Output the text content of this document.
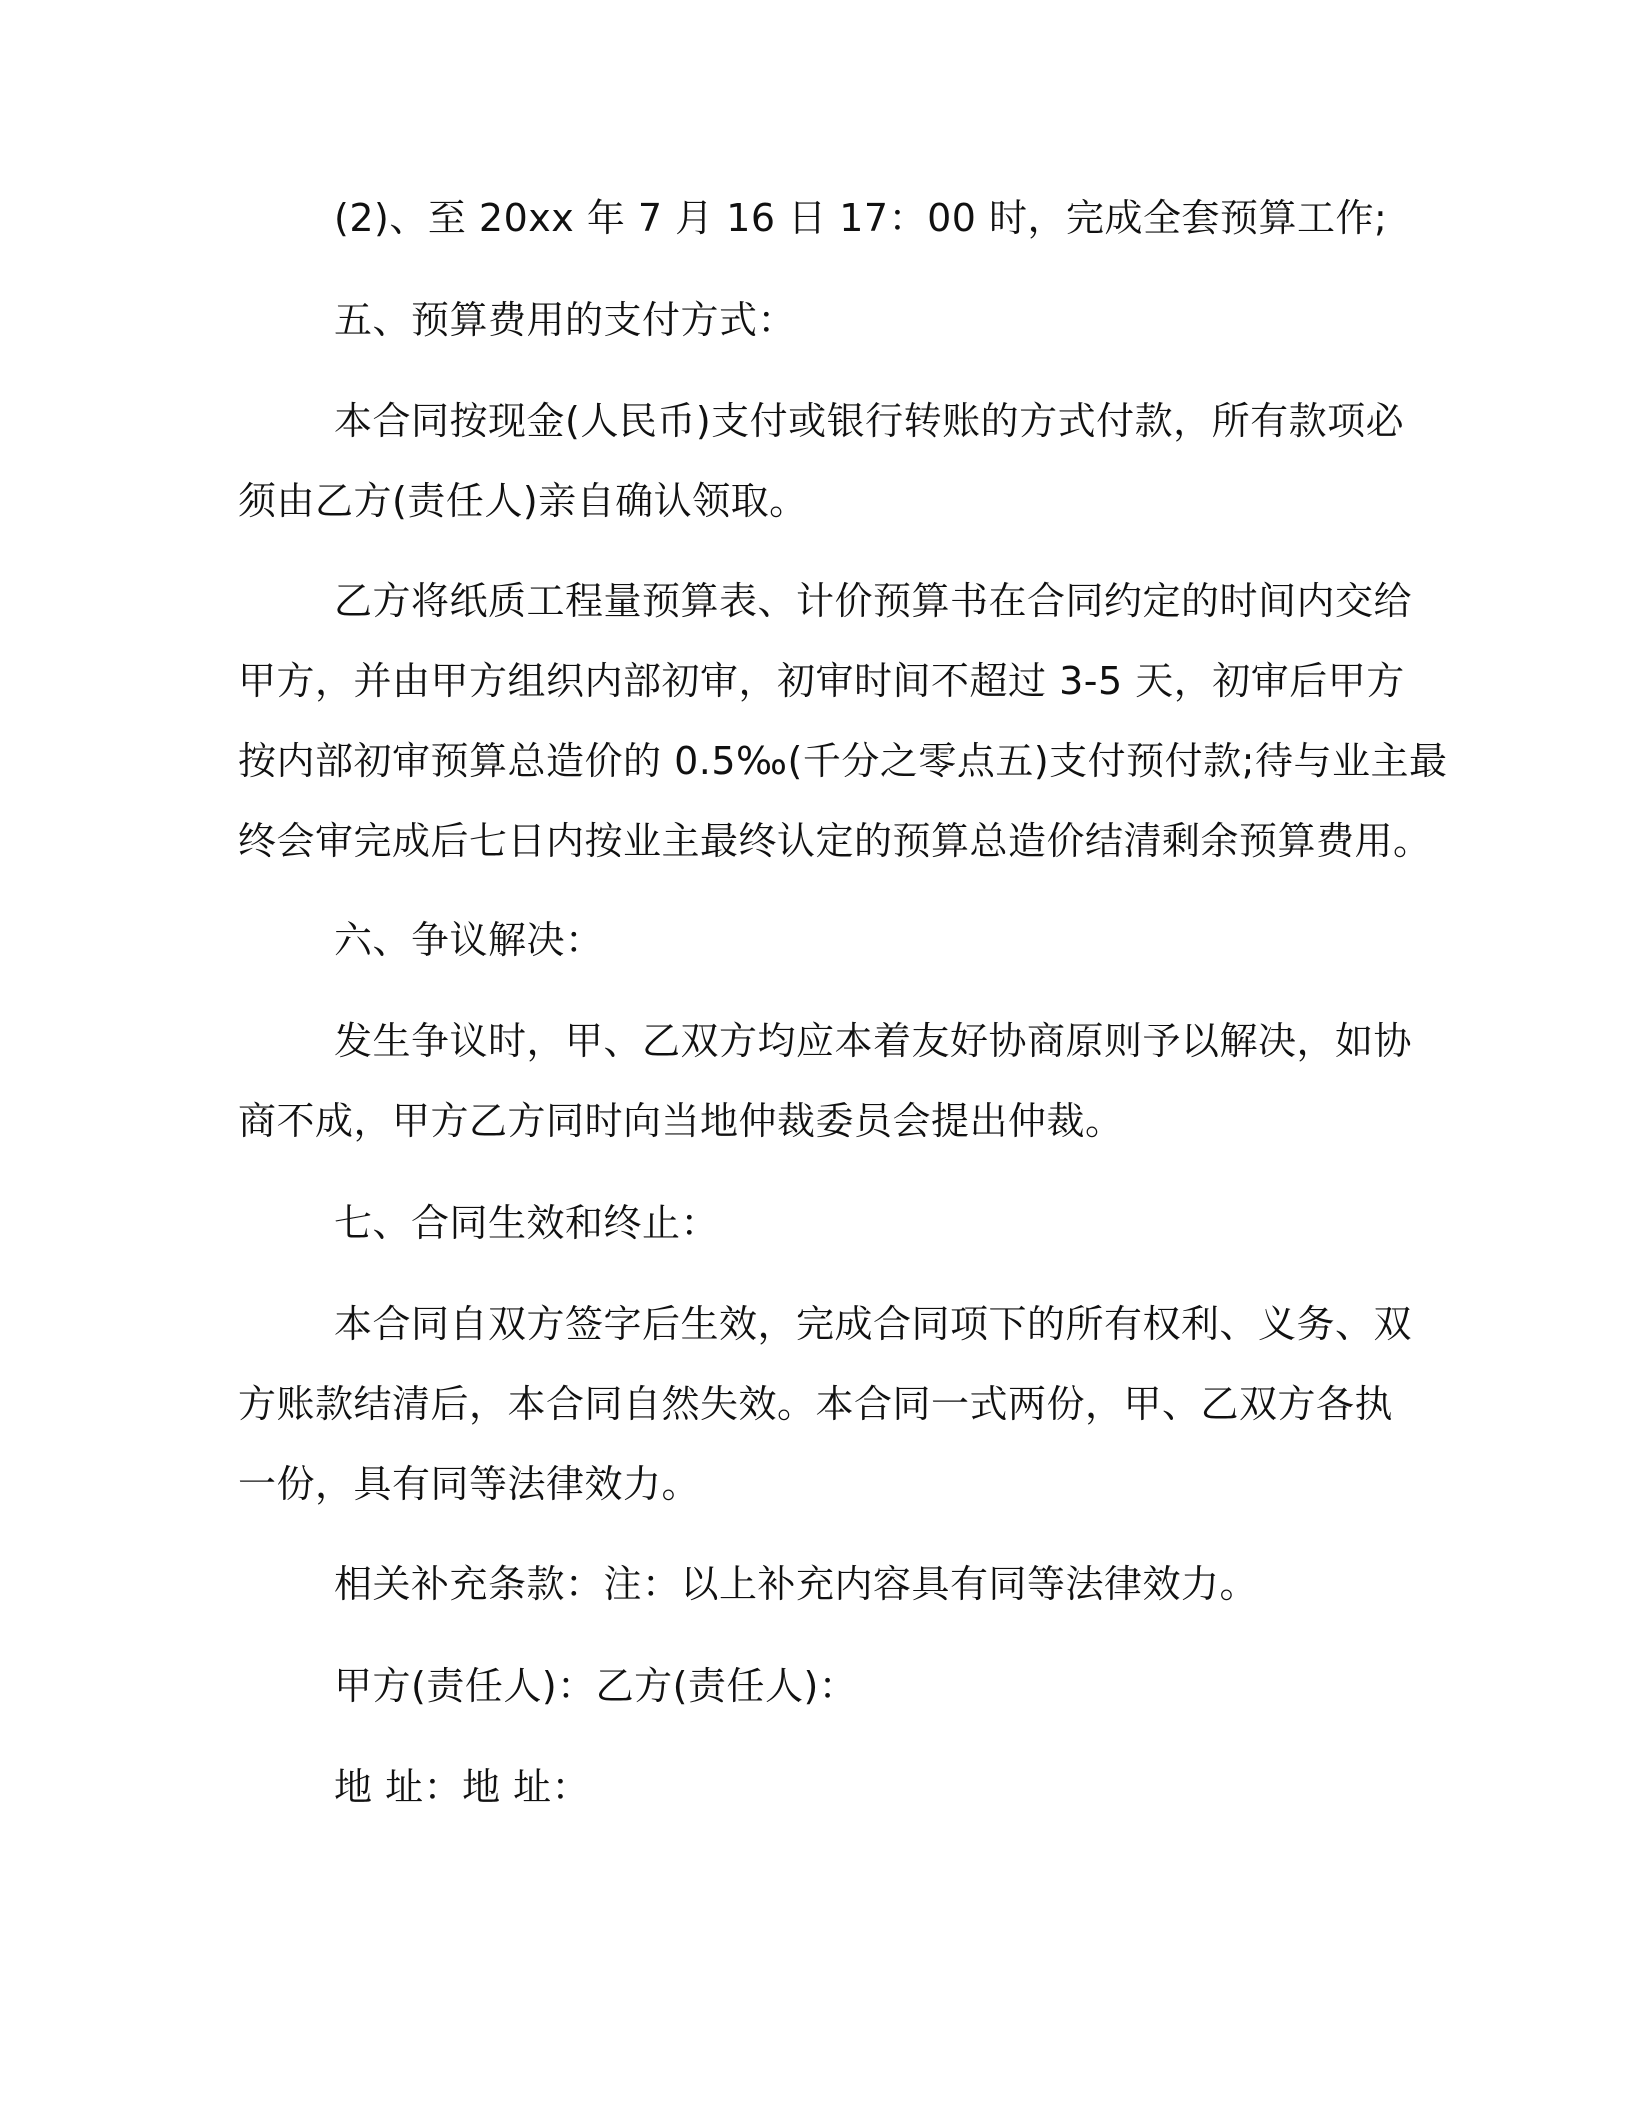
(2)、至 20xx 年 7 月 16 日 17：00 时，完成全套预算工作;

五、预算费用的支付方式：

本合同按现金(人民币)支付或银行转账的方式付款，所有款项必
须由乙方(责任人)亲自确认领取。

乙方将纸质工程量预算表、计价预算书在合同约定的时间内交给
甲方，并由甲方组织内部初审，初审时间不超过 3-5 天，初审后甲方
按内部初审预算总造价的 0.5‰(千分之零点五)支付预付款;待与业主最
终会审完成后七日内按业主最终认定的预算总造价结清剩余预算费用。

六、争议解决：

发生争议时，甲、乙双方均应本着友好协商原则予以解决，如协
商不成，甲方乙方同时向当地仲裁委员会提出仲裁。

七、合同生效和终止：

本合同自双方签字后生效，完成合同项下的所有权利、义务、双
方账款结清后，本合同自然失效。本合同一式两份，甲、乙双方各执
一份，具有同等法律效力。

相关补充条款：注：以上补充内容具有同等法律效力。

甲方(责任人)：乙方(责任人)：

地 址：地 址：
